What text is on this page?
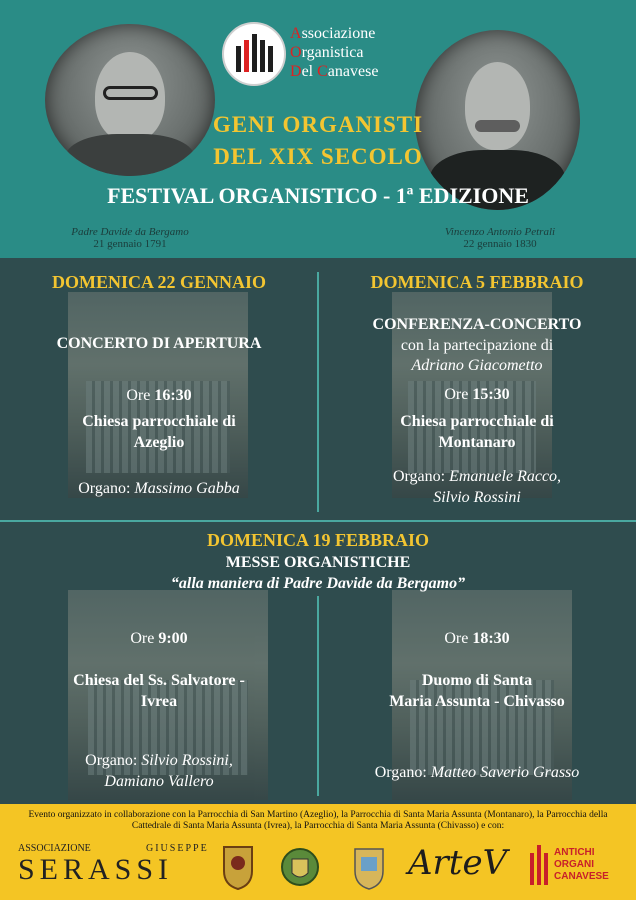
Associazione
Organistica
Del Canavese
GENI ORGANISTI
DEL XIX SECOLO
FESTIVAL ORGANISTICO - 1ª EDIZIONE
Padre Davide da Bergamo
21 gennaio 1791
Vincenzo Antonio Petrali
22 gennaio 1830
DOMENICA 22 GENNAIO
CONCERTO DI APERTURA
Ore 16:30
Chiesa parrocchiale di
Azeglio
Organo: Massimo Gabba
DOMENICA 5 FEBBRAIO
CONFERENZA-CONCERTO
con la partecipazione di
Adriano Giacometto
Ore 15:30
Chiesa parrocchiale di
Montanaro
Organo: Emanuele Racco,
Silvio Rossini
DOMENICA 19 FEBBRAIO
MESSE ORGANISTICHE
“alla maniera di Padre Davide da Bergamo”
Ore 9:00
Chiesa del Ss. Salvatore -
Ivrea
Organo: Silvio Rossini,
Damiano Vallero
Ore 18:30
Duomo di Santa
Maria Assunta - Chivasso
Organo: Matteo Saverio Grasso
Evento organizzato in collaborazione con la Parrocchia di San Martino (Azeglio), la Parrocchia di Santa Maria Assunta (Montanaro), la Parrocchia della Cattedrale di Santa Maria Assunta (Ivrea), la Parrocchia di Santa Maria Assunta (Chivasso) e con:
ASSOCIAZIONE	GIUSEPPE
SERASSI	ArteV	ANTICHI
ORGANI
CANAVESE
